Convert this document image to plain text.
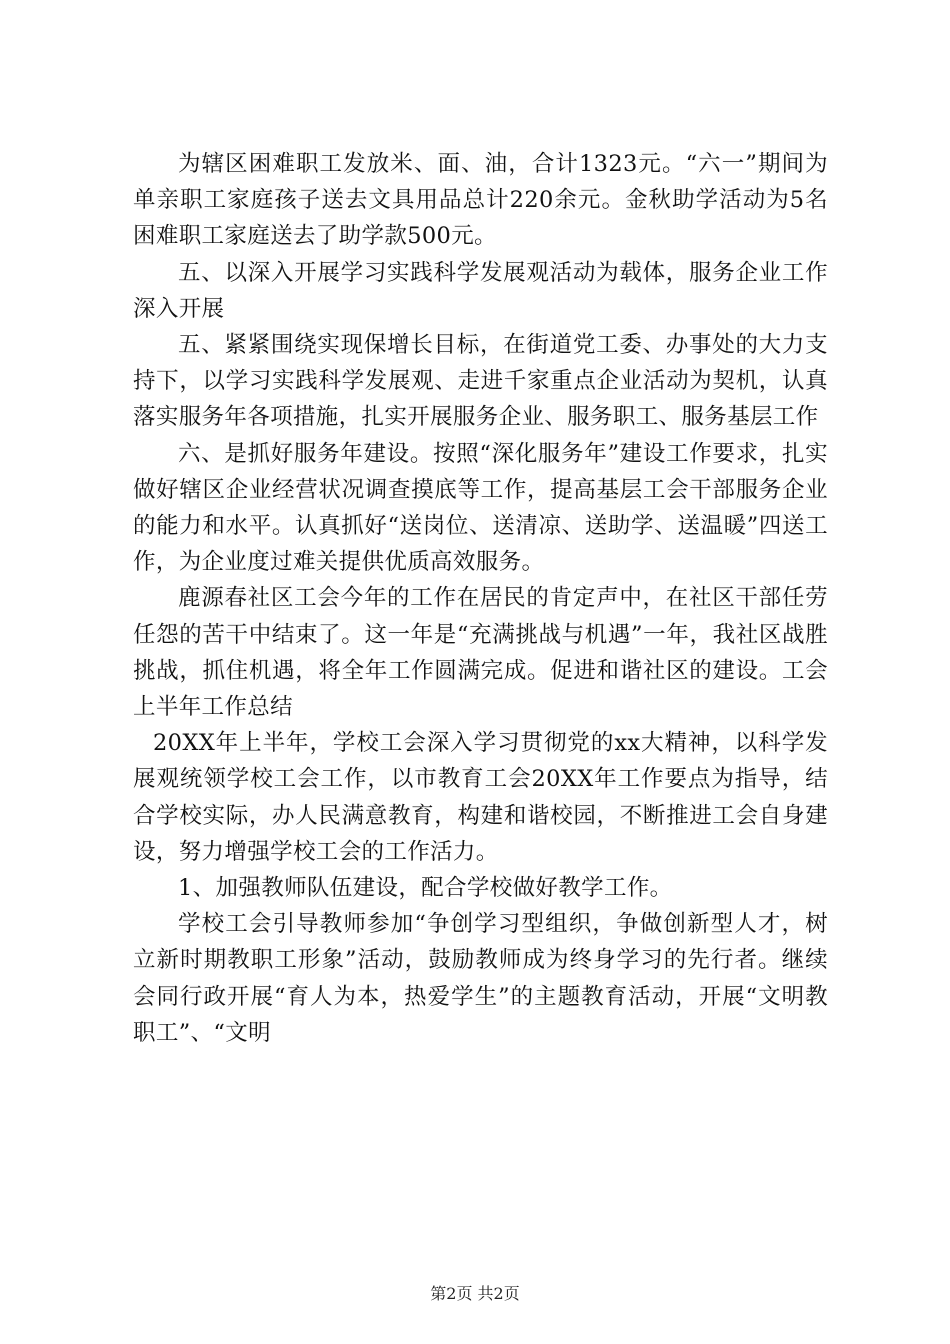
为辖区困难职工发放米、面、油，合计1323元。“六一”期间为单亲职工家庭孩子送去文具用品总计220余元。金秋助学活动为5名困难职工家庭送去了助学款500元。

五、以深入开展学习实践科学发展观活动为载体，服务企业工作深入开展

五、紧紧围绕实现保增长目标，在街道党工委、办事处的大力支持下，以学习实践科学发展观、走进千家重点企业活动为契机，认真落实服务年各项措施，扎实开展服务企业、服务职工、服务基层工作

六、是抓好服务年建设。按照“深化服务年”建设工作要求，扎实做好辖区企业经营状况调查摸底等工作，提高基层工会干部服务企业的能力和水平。认真抓好“送岗位、送清凉、送助学、送温暖”四送工作，为企业度过难关提供优质高效服务。

鹿源春社区工会今年的工作在居民的肯定声中，在社区干部任劳任怨的苦干中结束了。这一年是“充满挑战与机遇”一年，我社区战胜挑战，抓住机遇，将全年工作圆满完成。促进和谐社区的建设。工会上半年工作总结

20XX年上半年，学校工会深入学习贯彻党的xx大精神，以科学发展观统领学校工会工作，以市教育工会20XX年工作要点为指导，结合学校实际，办人民满意教育，构建和谐校园，不断推进工会自身建设，努力增强学校工会的工作活力。

1、加强教师队伍建设，配合学校做好教学工作。

学校工会引导教师参加“争创学习型组织，争做创新型人才，树立新时期教职工形象”活动，鼓励教师成为终身学习的先行者。继续会同行政开展“育人为本，热爱学生”的主题教育活动，开展“文明教职工”、“文明

第2页 共2页
